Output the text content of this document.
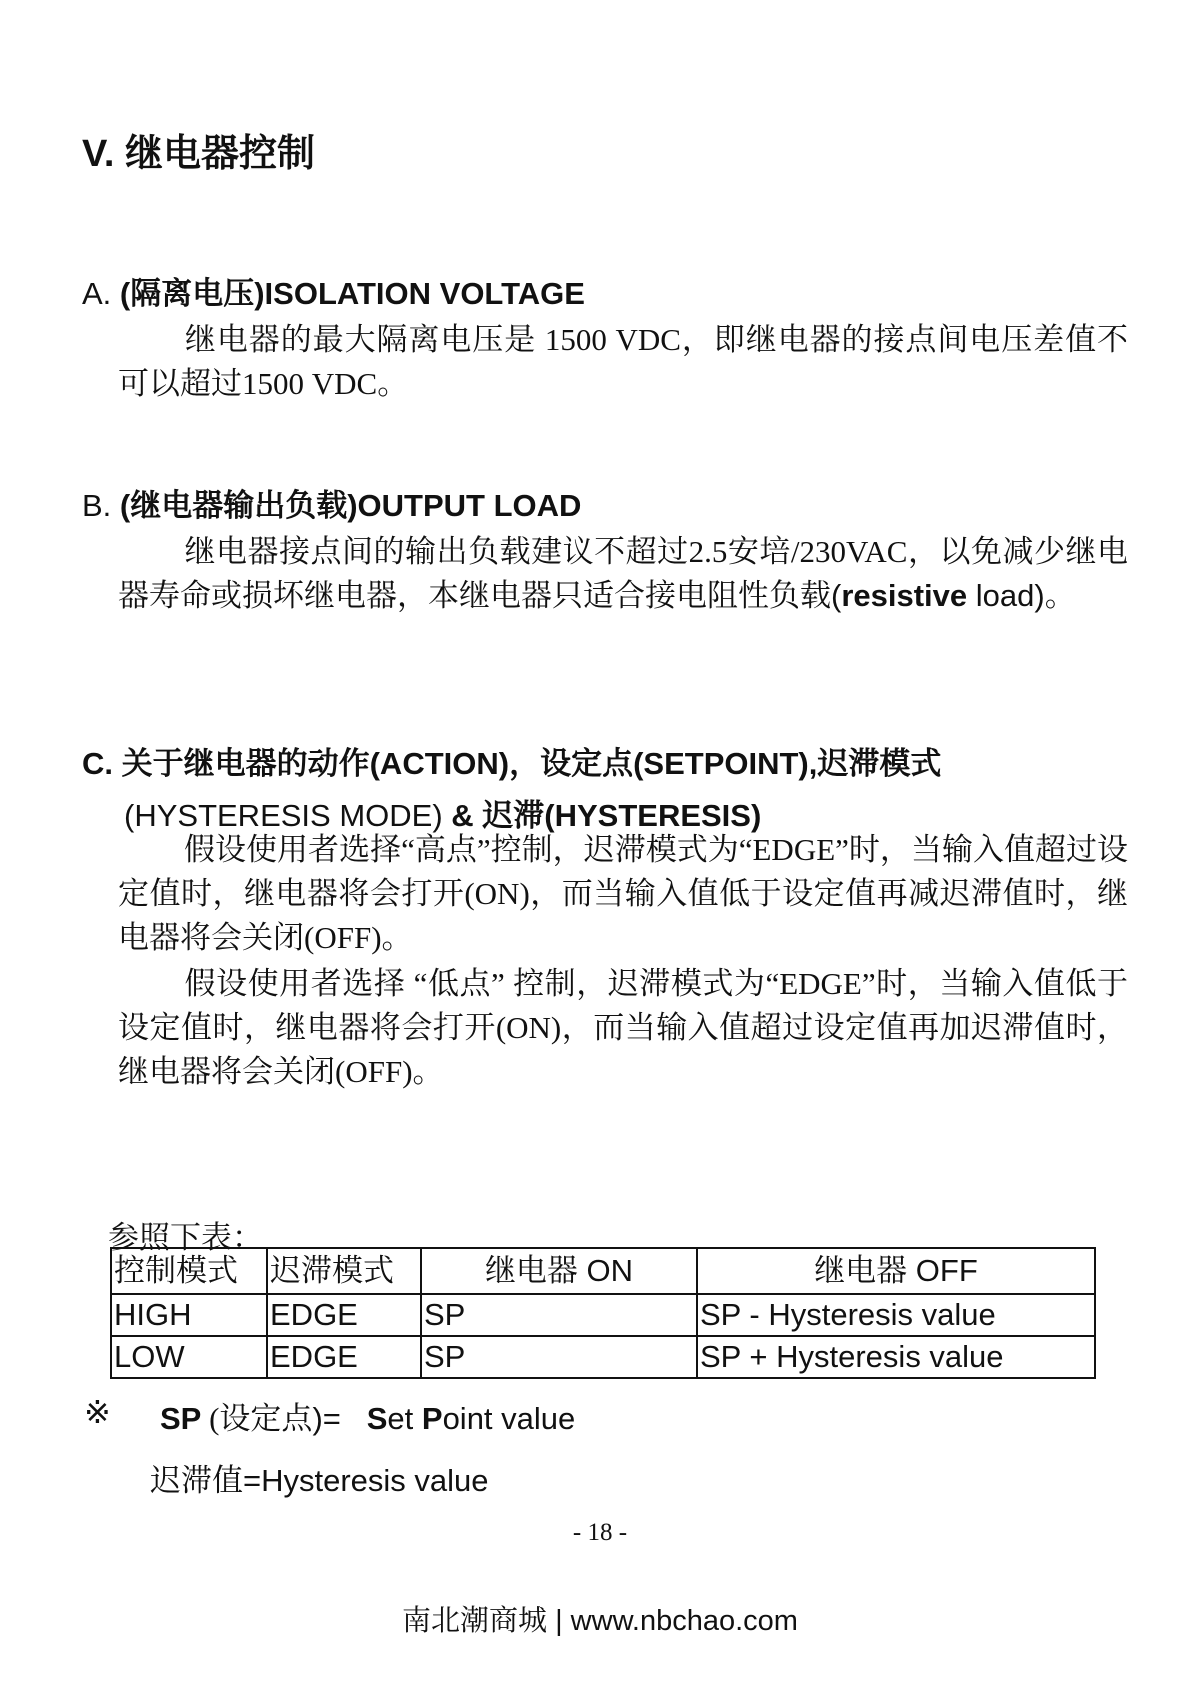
V. 继电器控制
A. (隔离电压)ISOLATION VOLTAGE

继电器的最大隔离电压是 1500 VDC，即继电器的接点间电压差值不可以超过1500 VDC。

B. (继电器输出负载)OUTPUT LOAD

继电器接点间的输出负载建议不超过2.5安培/230VAC，以免减少继电器寿命或损坏继电器，本继电器只适合接电阻性负载(resistive load)。

C. 关于继电器的动作(ACTION)，设定点(SETPOINT),迟滞模式
(HYSTERESIS MODE) & 迟滞(HYSTERESIS)

假设使用者选择“高点”控制，迟滞模式为“EDGE”时，当输入值超过设定值时，继电器将会打开(ON)，而当输入值低于设定值再减迟滞值时，继电器将会关闭(OFF)。

假设使用者选择 “低点” 控制，迟滞模式为“EDGE”时，当输入值低于设定值时，继电器将会打开(ON)，而当输入值超过设定值再加迟滞值时，继电器将会关闭(OFF)。

参照下表：
控制模式	迟滞模式	继电器 ON	继电器 OFF
HIGH	EDGE	SP	SP - Hysteresis value
LOW	EDGE	SP	SP + Hysteresis value
※ SP (设定点)= Set Point value
迟滞值=Hysteresis value
- 18 -
南北潮商城 | www.nbchao.com
